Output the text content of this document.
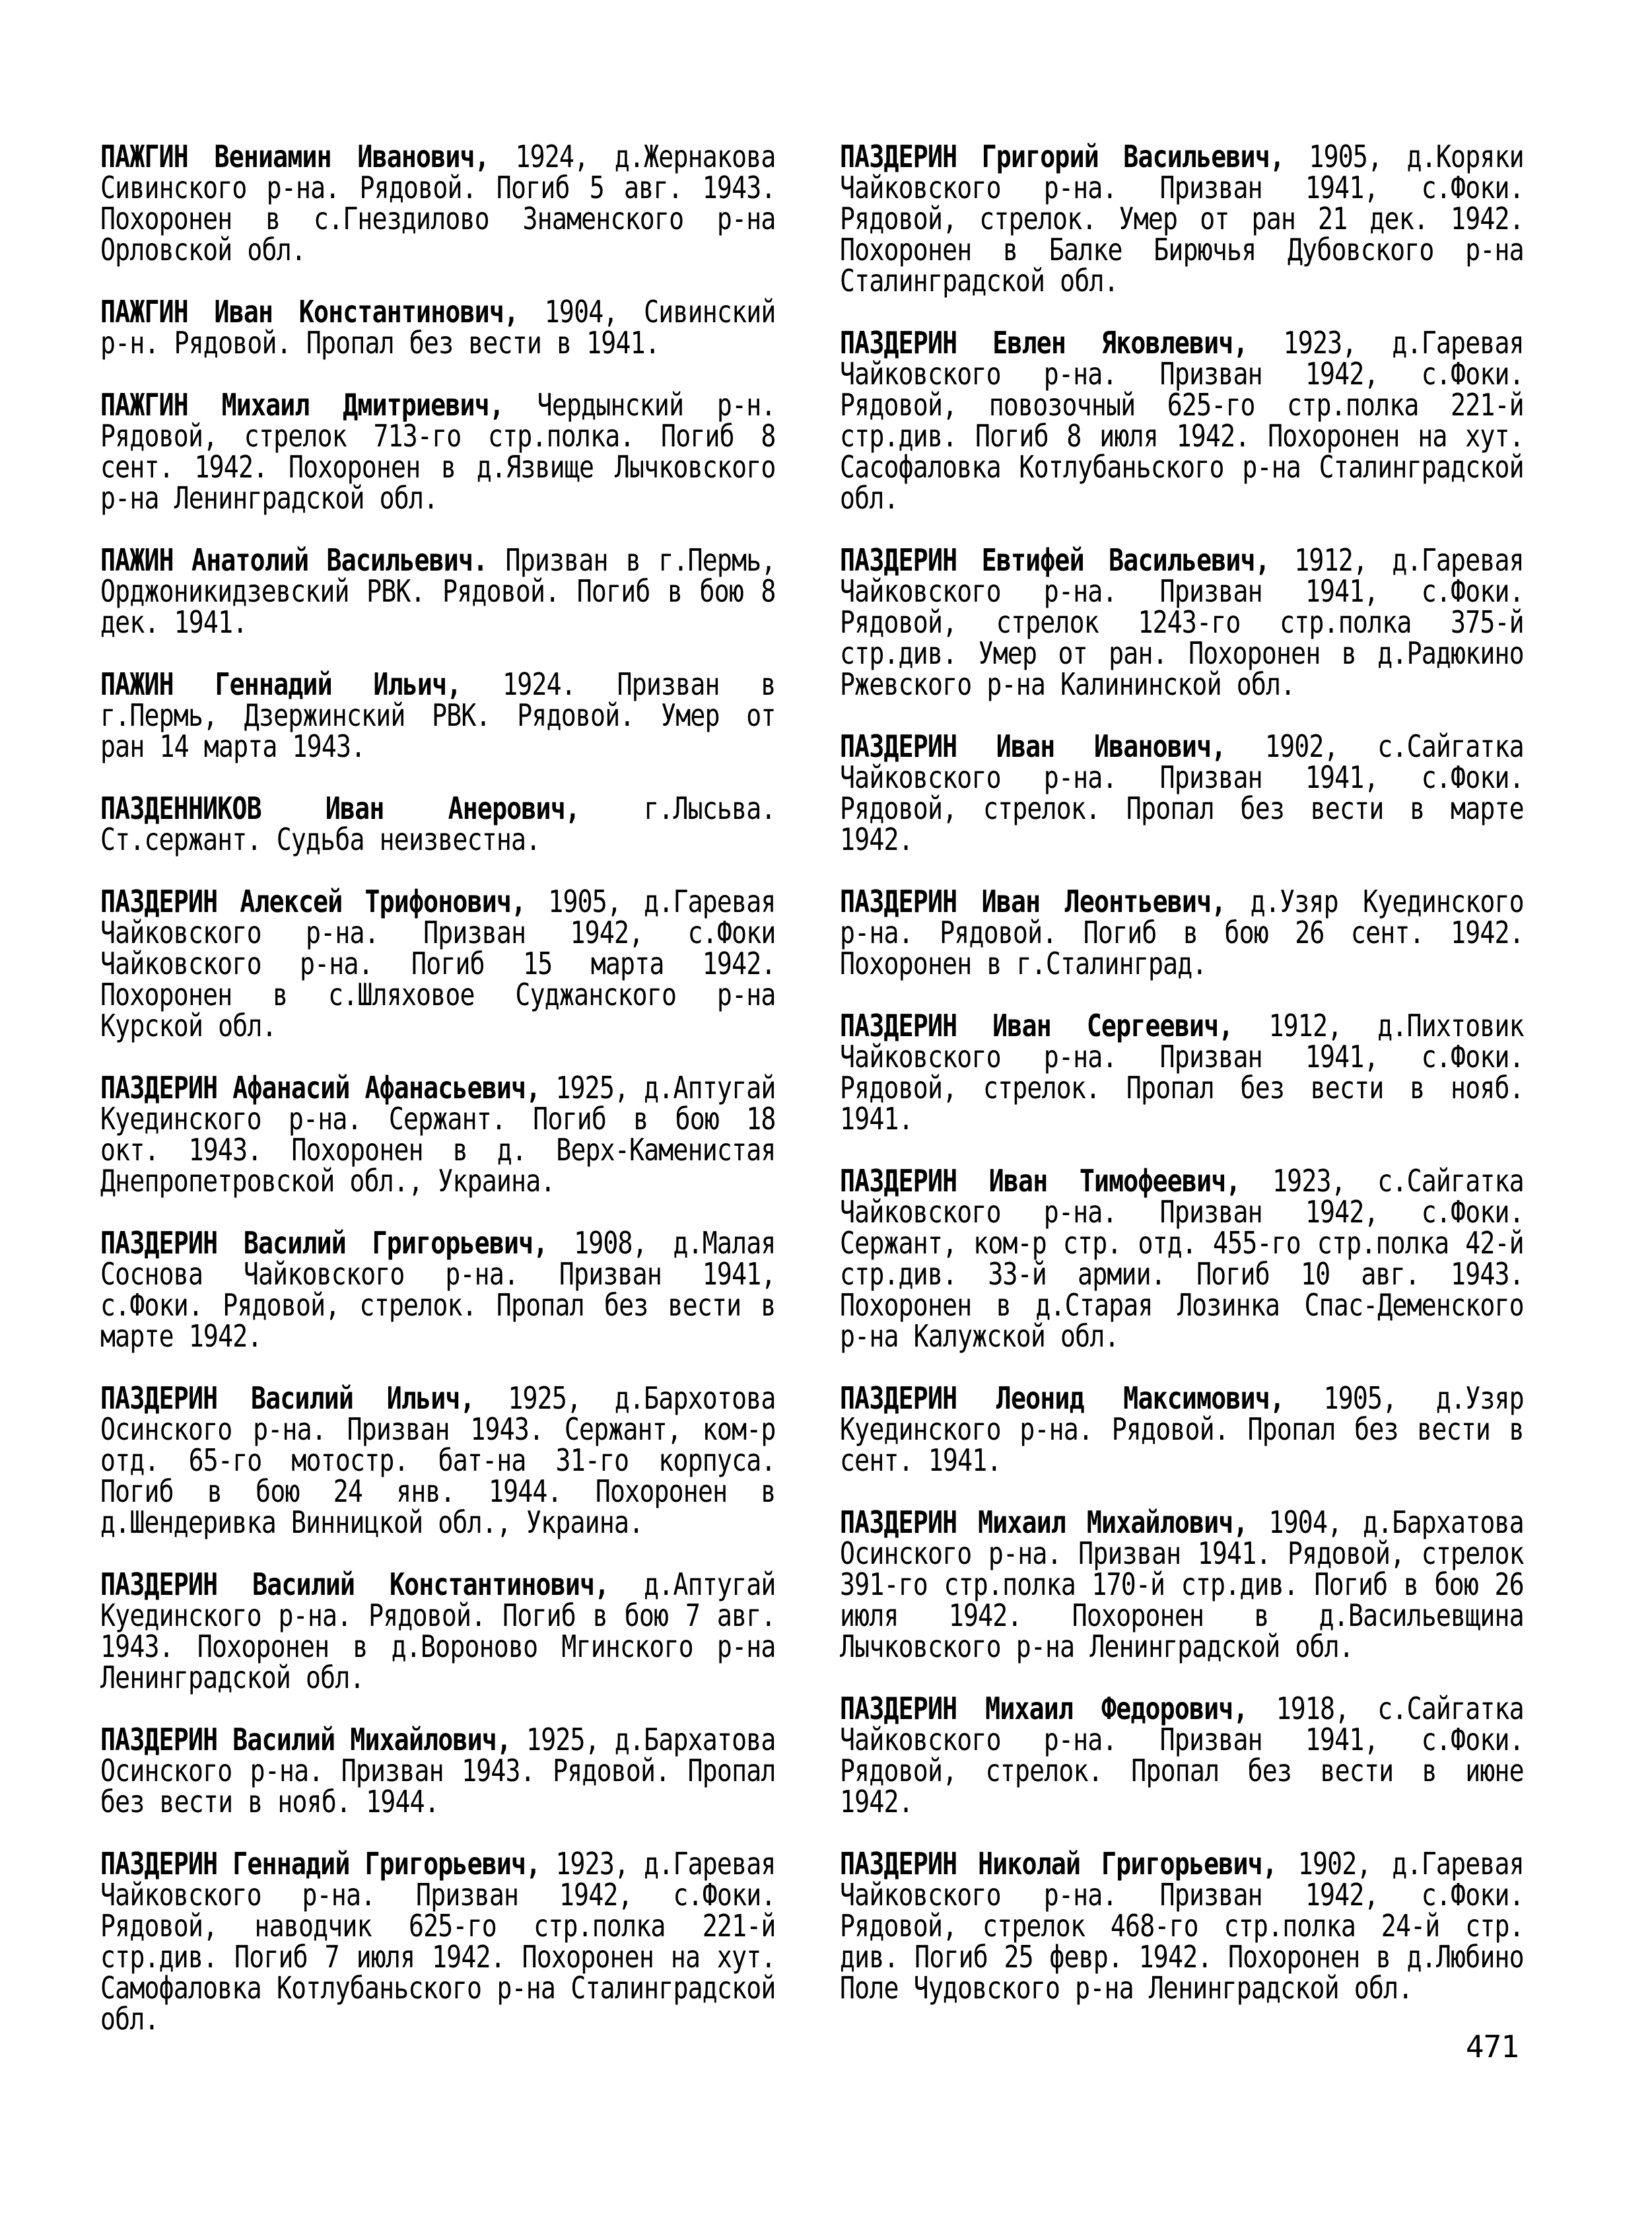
ПАЖГИН Вениамин Иванович, 1924, д.Жернакова Сивинского р-на. Рядовой. Погиб 5 авг. 1943. Похоронен в с.Гнездилово Знаменского р-на Орловской обл.

ПАЖГИН Иван Константинович, 1904, Сивинский р-н. Рядовой. Пропал без вести в 1941.

ПАЖГИН Михаил Дмитриевич, Чердынский р-н. Рядовой, стрелок 713-го стр.полка. Погиб 8 сент. 1942. Похоронен в д.Язвище Лычковского р-на Ленинградской обл.

ПАЖИН Анатолий Васильевич. Призван в г.Пермь, Орджоникидзевский РВК. Рядовой. Погиб в бою 8 дек. 1941.

ПАЖИН Геннадий Ильич, 1924. Призван в г.Пермь, Дзержинский РВК. Рядовой. Умер от ран 14 марта 1943.

ПАЗДЕННИКОВ Иван Анерович, г.Лысьва. Ст.сержант. Судьба неизвестна.

ПАЗДЕРИН Алексей Трифонович, 1905, д.Гаревая Чайковского р-на. Призван 1942, с.Фоки Чайковского р-на. Погиб 15 марта 1942. Похоронен в с.Шляховое Суджанского р-на Курской обл.

ПАЗДЕРИН Афанасий Афанасьевич, 1925, д.Аптугай Куединского р-на. Сержант. Погиб в бою 18 окт. 1943. Похоронен в д. Верх-Каменистая Днепропетровской обл., Украина.

ПАЗДЕРИН Василий Григорьевич, 1908, д.Малая Соснова Чайковского р-на. Призван 1941, с.Фоки. Рядовой, стрелок. Пропал без вести в марте 1942.

ПАЗДЕРИН Василий Ильич, 1925, д.Бархотова Осинского р-на. Призван 1943. Сержант, ком-р отд. 65-го мотостр. бат-на 31-го корпуса. Погиб в бою 24 янв. 1944. Похоронен в д.Шендеривка Винницкой обл., Украина.

ПАЗДЕРИН Василий Константинович, д.Аптугай Куединского р-на. Рядовой. Погиб в бою 7 авг. 1943. Похоронен в д.Вороново Мгинского р-на Ленинградской обл.

ПАЗДЕРИН Василий Михайлович, 1925, д.Бархатова Осинского р-на. Призван 1943. Рядовой. Пропал без вести в нояб. 1944.

ПАЗДЕРИН Геннадий Григорьевич, 1923, д.Гаревая Чайковского р-на. Призван 1942, с.Фоки. Рядовой, наводчик 625-го стр.полка 221-й стр.див. Погиб 7 июля 1942. Похоронен на хут. Самофаловка Котлубаньского р-на Сталинградской обл.

ПАЗДЕРИН Григорий Васильевич, 1905, д.Коряки Чайковского р-на. Призван 1941, с.Фоки. Рядовой, стрелок. Умер от ран 21 дек. 1942. Похоронен в Балке Бирючья Дубовского р-на Сталинградской обл.

ПАЗДЕРИН Евлен Яковлевич, 1923, д.Гаревая Чайковского р-на. Призван 1942, с.Фоки. Рядовой, повозочный 625-го стр.полка 221-й стр.див. Погиб 8 июля 1942. Похоронен на хут. Сасофаловка Котлубаньского р-на Сталинградской обл.

ПАЗДЕРИН Евтифей Васильевич, 1912, д.Гаревая Чайковского р-на. Призван 1941, с.Фоки. Рядовой, стрелок 1243-го стр.полка 375-й стр.див. Умер от ран. Похоронен в д.Радюкино Ржевского р-на Калининской обл.

ПАЗДЕРИН Иван Иванович, 1902, с.Сайгатка Чайковского р-на. Призван 1941, с.Фоки. Рядовой, стрелок. Пропал без вести в марте 1942.

ПАЗДЕРИН Иван Леонтьевич, д.Узяр Куединского р-на. Рядовой. Погиб в бою 26 сент. 1942. Похоронен в г.Сталинград.

ПАЗДЕРИН Иван Сергеевич, 1912, д.Пихтовик Чайковского р-на. Призван 1941, с.Фоки. Рядовой, стрелок. Пропал без вести в нояб. 1941.

ПАЗДЕРИН Иван Тимофеевич, 1923, с.Сайгатка Чайковского р-на. Призван 1942, с.Фоки. Сержант, ком-р стр. отд. 455-го стр.полка 42-й стр.див. 33-й армии. Погиб 10 авг. 1943. Похоронен в д.Старая Лозинка Спас-Деменского р-на Калужской обл.

ПАЗДЕРИН Леонид Максимович, 1905, д.Узяр Куединского р-на. Рядовой. Пропал без вести в сент. 1941.

ПАЗДЕРИН Михаил Михайлович, 1904, д.Бархатова Осинского р-на. Призван 1941. Рядовой, стрелок 391-го стр.полка 170-й стр.див. Погиб в бою 26 июля 1942. Похоронен в д.Васильевщина Лычковского р-на Ленинградской обл.

ПАЗДЕРИН Михаил Федорович, 1918, с.Сайгатка Чайковского р-на. Призван 1941, с.Фоки. Рядовой, стрелок. Пропал без вести в июне 1942.

ПАЗДЕРИН Николай Григорьевич, 1902, д.Гаревая Чайковского р-на. Призван 1942, с.Фоки. Рядовой, стрелок 468-го стр.полка 24-й стр. див. Погиб 25 февр. 1942. Похоронен в д.Любино Поле Чудовского р-на Ленинградской обл.

471
